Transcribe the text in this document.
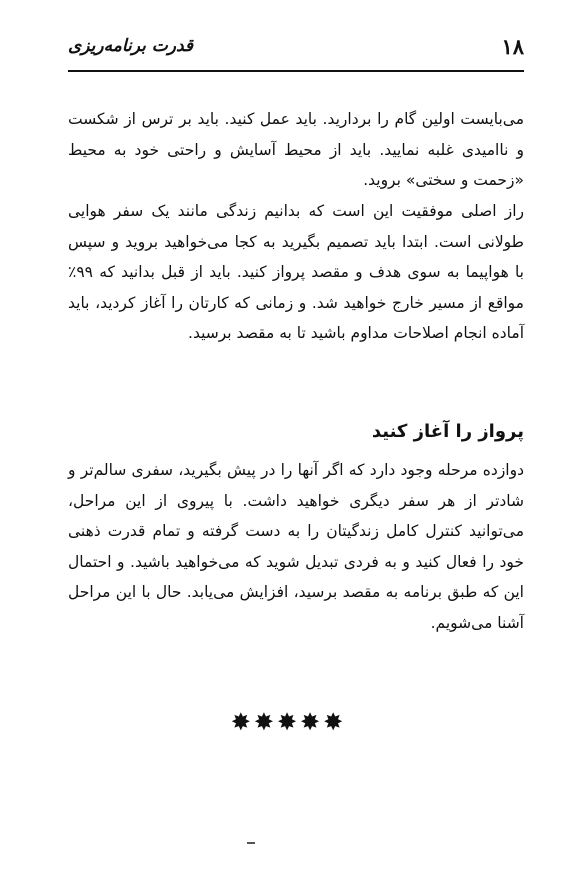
۱۸
قدرت برنامه‌ریزی

می‌بایست اولین گام را بردارید. باید عمل کنید. باید بر ترس از شکست و ناامیدی غلبه نمایید. باید از محیط آسایش و راحتی خود به محیط «زحمت و سختی» بروید.

راز اصلی موفقیت این است که بدانیم زندگی مانند یک سفر هوایی طولانی است. ابتدا باید تصمیم بگیرید به کجا می‌خواهید بروید و سپس با هواپیما به سوی هدف و مقصد پرواز کنید. باید از قبل بدانید که ۹۹٪ مواقع از مسیر خارج خواهید شد. و زمانی که کارتان را آغاز کردید، باید آماده انجام اصلاحات مداوم باشید تا به مقصد برسید.

پرواز را آغاز کنید

دوازده مرحله وجود دارد که اگر آنها را در پیش بگیرید، سفری سالم‌تر و شادتر از هر سفر دیگری خواهید داشت. با پیروی از این مراحل، می‌توانید کنترل کامل زندگیتان را به دست گرفته و تمام قدرت ذهنی خود را فعال کنید و به فردی تبدیل شوید که می‌خواهید باشید. و احتمال این که طبق برنامه به مقصد برسید، افزایش می‌یابد. حال با این مراحل آشنا می‌شویم.

✸✸✸✸✸
